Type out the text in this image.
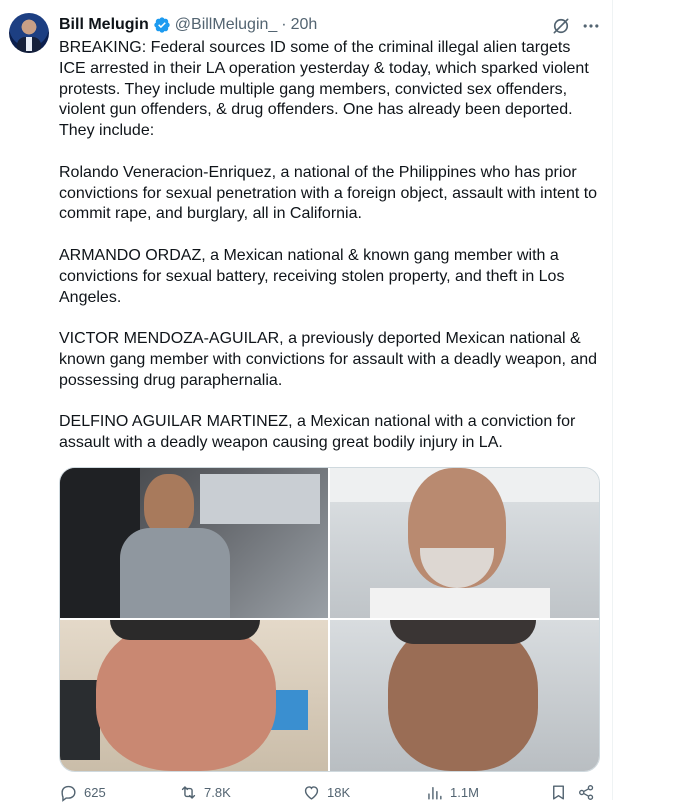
Bill Melugin @BillMelugin_ · 20h

BREAKING: Federal sources ID some of the criminal illegal alien targets ICE arrested in their LA operation yesterday & today, which sparked violent protests. They include multiple gang members, convicted sex offenders, violent gun offenders, & drug offenders. One has already been deported. They include:

Rolando Veneracion-Enriquez, a national of the Philippines who has prior convictions for sexual penetration with a foreign object, assault with intent to commit rape, and burglary, all in California.

ARMANDO ORDAZ, a Mexican national & known gang member with a convictions for sexual battery, receiving stolen property, and theft in Los Angeles.

VICTOR MENDOZA-AGUILAR, a previously deported Mexican national & known gang member with convictions for assault with a deadly weapon, and possessing drug paraphernalia.

DELFINO AGUILAR MARTINEZ, a Mexican national with a conviction for assault with a deadly weapon causing great bodily injury in LA.

625	7.8K	18K	1.1M
